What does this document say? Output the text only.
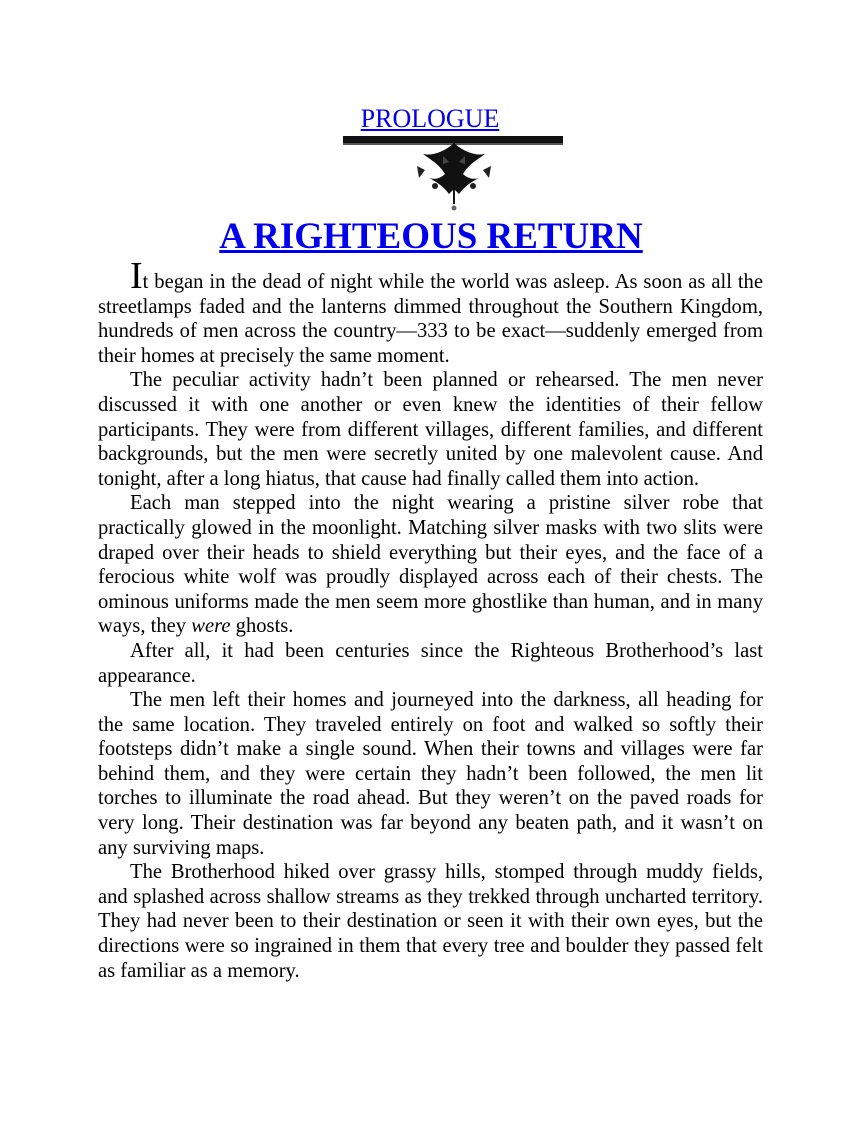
PROLOGUE
A RIGHTEOUS RETURN

It began in the dead of night while the world was asleep. As soon as all the streetlamps faded and the lanterns dimmed throughout the Southern Kingdom, hundreds of men across the country—333 to be exact—suddenly emerged from their homes at precisely the same moment.

The peculiar activity hadn’t been planned or rehearsed. The men never discussed it with one another or even knew the identities of their fellow participants. They were from different villages, different families, and different backgrounds, but the men were secretly united by one malevolent cause. And tonight, after a long hiatus, that cause had finally called them into action.

Each man stepped into the night wearing a pristine silver robe that practically glowed in the moonlight. Matching silver masks with two slits were draped over their heads to shield everything but their eyes, and the face of a ferocious white wolf was proudly displayed across each of their chests. The ominous uniforms made the men seem more ghostlike than human, and in many ways, they were ghosts.

After all, it had been centuries since the Righteous Brotherhood’s last appearance.

The men left their homes and journeyed into the darkness, all heading for the same location. They traveled entirely on foot and walked so softly their footsteps didn’t make a single sound. When their towns and villages were far behind them, and they were certain they hadn’t been followed, the men lit torches to illuminate the road ahead. But they weren’t on the paved roads for very long. Their destination was far beyond any beaten path, and it wasn’t on any surviving maps.

The Brotherhood hiked over grassy hills, stomped through muddy fields, and splashed across shallow streams as they trekked through uncharted territory. They had never been to their destination or seen it with their own eyes, but the directions were so ingrained in them that every tree and boulder they passed felt as familiar as a memory.
